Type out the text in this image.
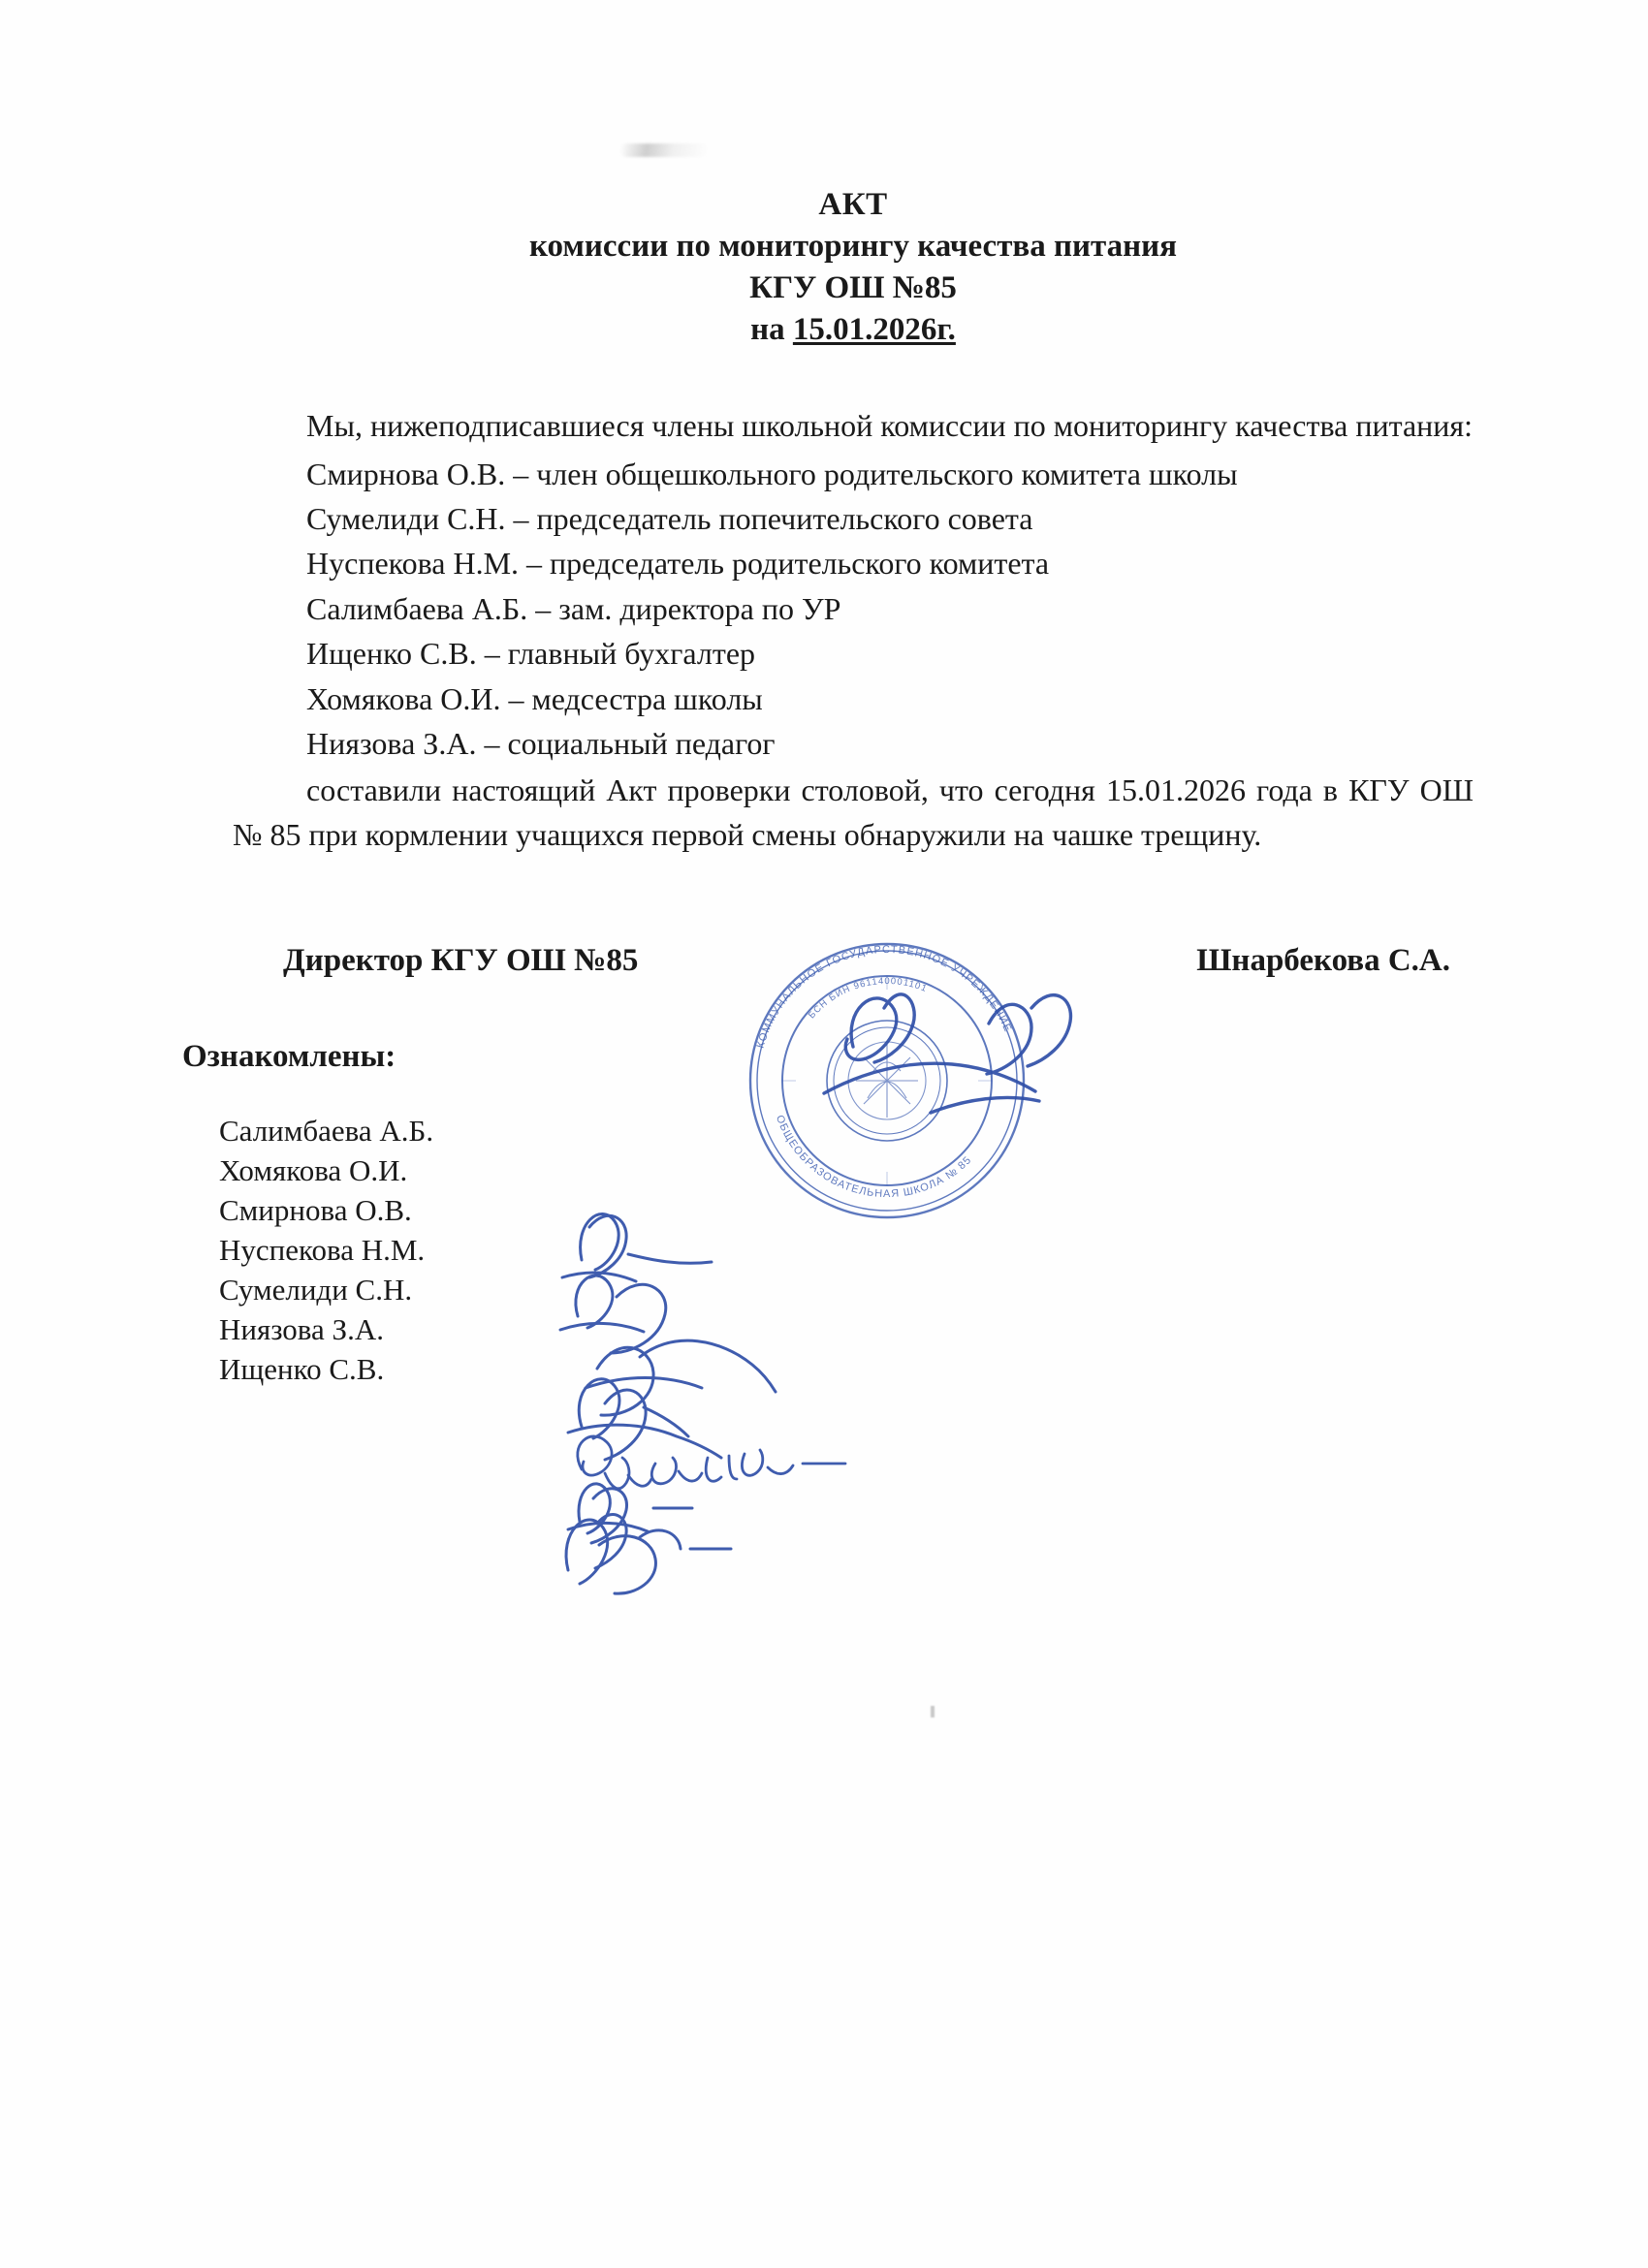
АКТ
комиссии по мониторингу качества питания
КГУ ОШ №85
на 15.01.2026г.
Мы, нижеподписавшиеся члены школьной комиссии по мониторингу качества питания:
Смирнова О.В. – член общешкольного родительского комитета школы
Сумелиди С.Н. – председатель попечительского совета
Нуспекова Н.М. – председатель родительского комитета
Салимбаева А.Б. – зам. директора по УР
Ищенко С.В. – главный бухгалтер
Хомякова О.И. – медсестра школы
Ниязова З.А. – социальный педагог
составили настоящий Акт проверки столовой, что сегодня 15.01.2026 года в КГУ ОШ № 85 при кормлении учащихся первой смены обнаружили на чашке трещину.
Директор КГУ ОШ №85	Шнарбекова С.А.
Ознакомлены:
Салимбаева А.Б.
Хомякова О.И.
Смирнова О.В.
Нуспекова Н.М.
Сумелиди С.Н.
Ниязова З.А.
Ищенко С.В.
КОММУНАЛЬНОЕ ГОСУДАРСТВЕННОЕ УЧРЕЖДЕНИЕ
ОБЩЕОБРАЗОВАТЕЛЬНАЯ ШКОЛА № 85
БСН БИН 961140001101
